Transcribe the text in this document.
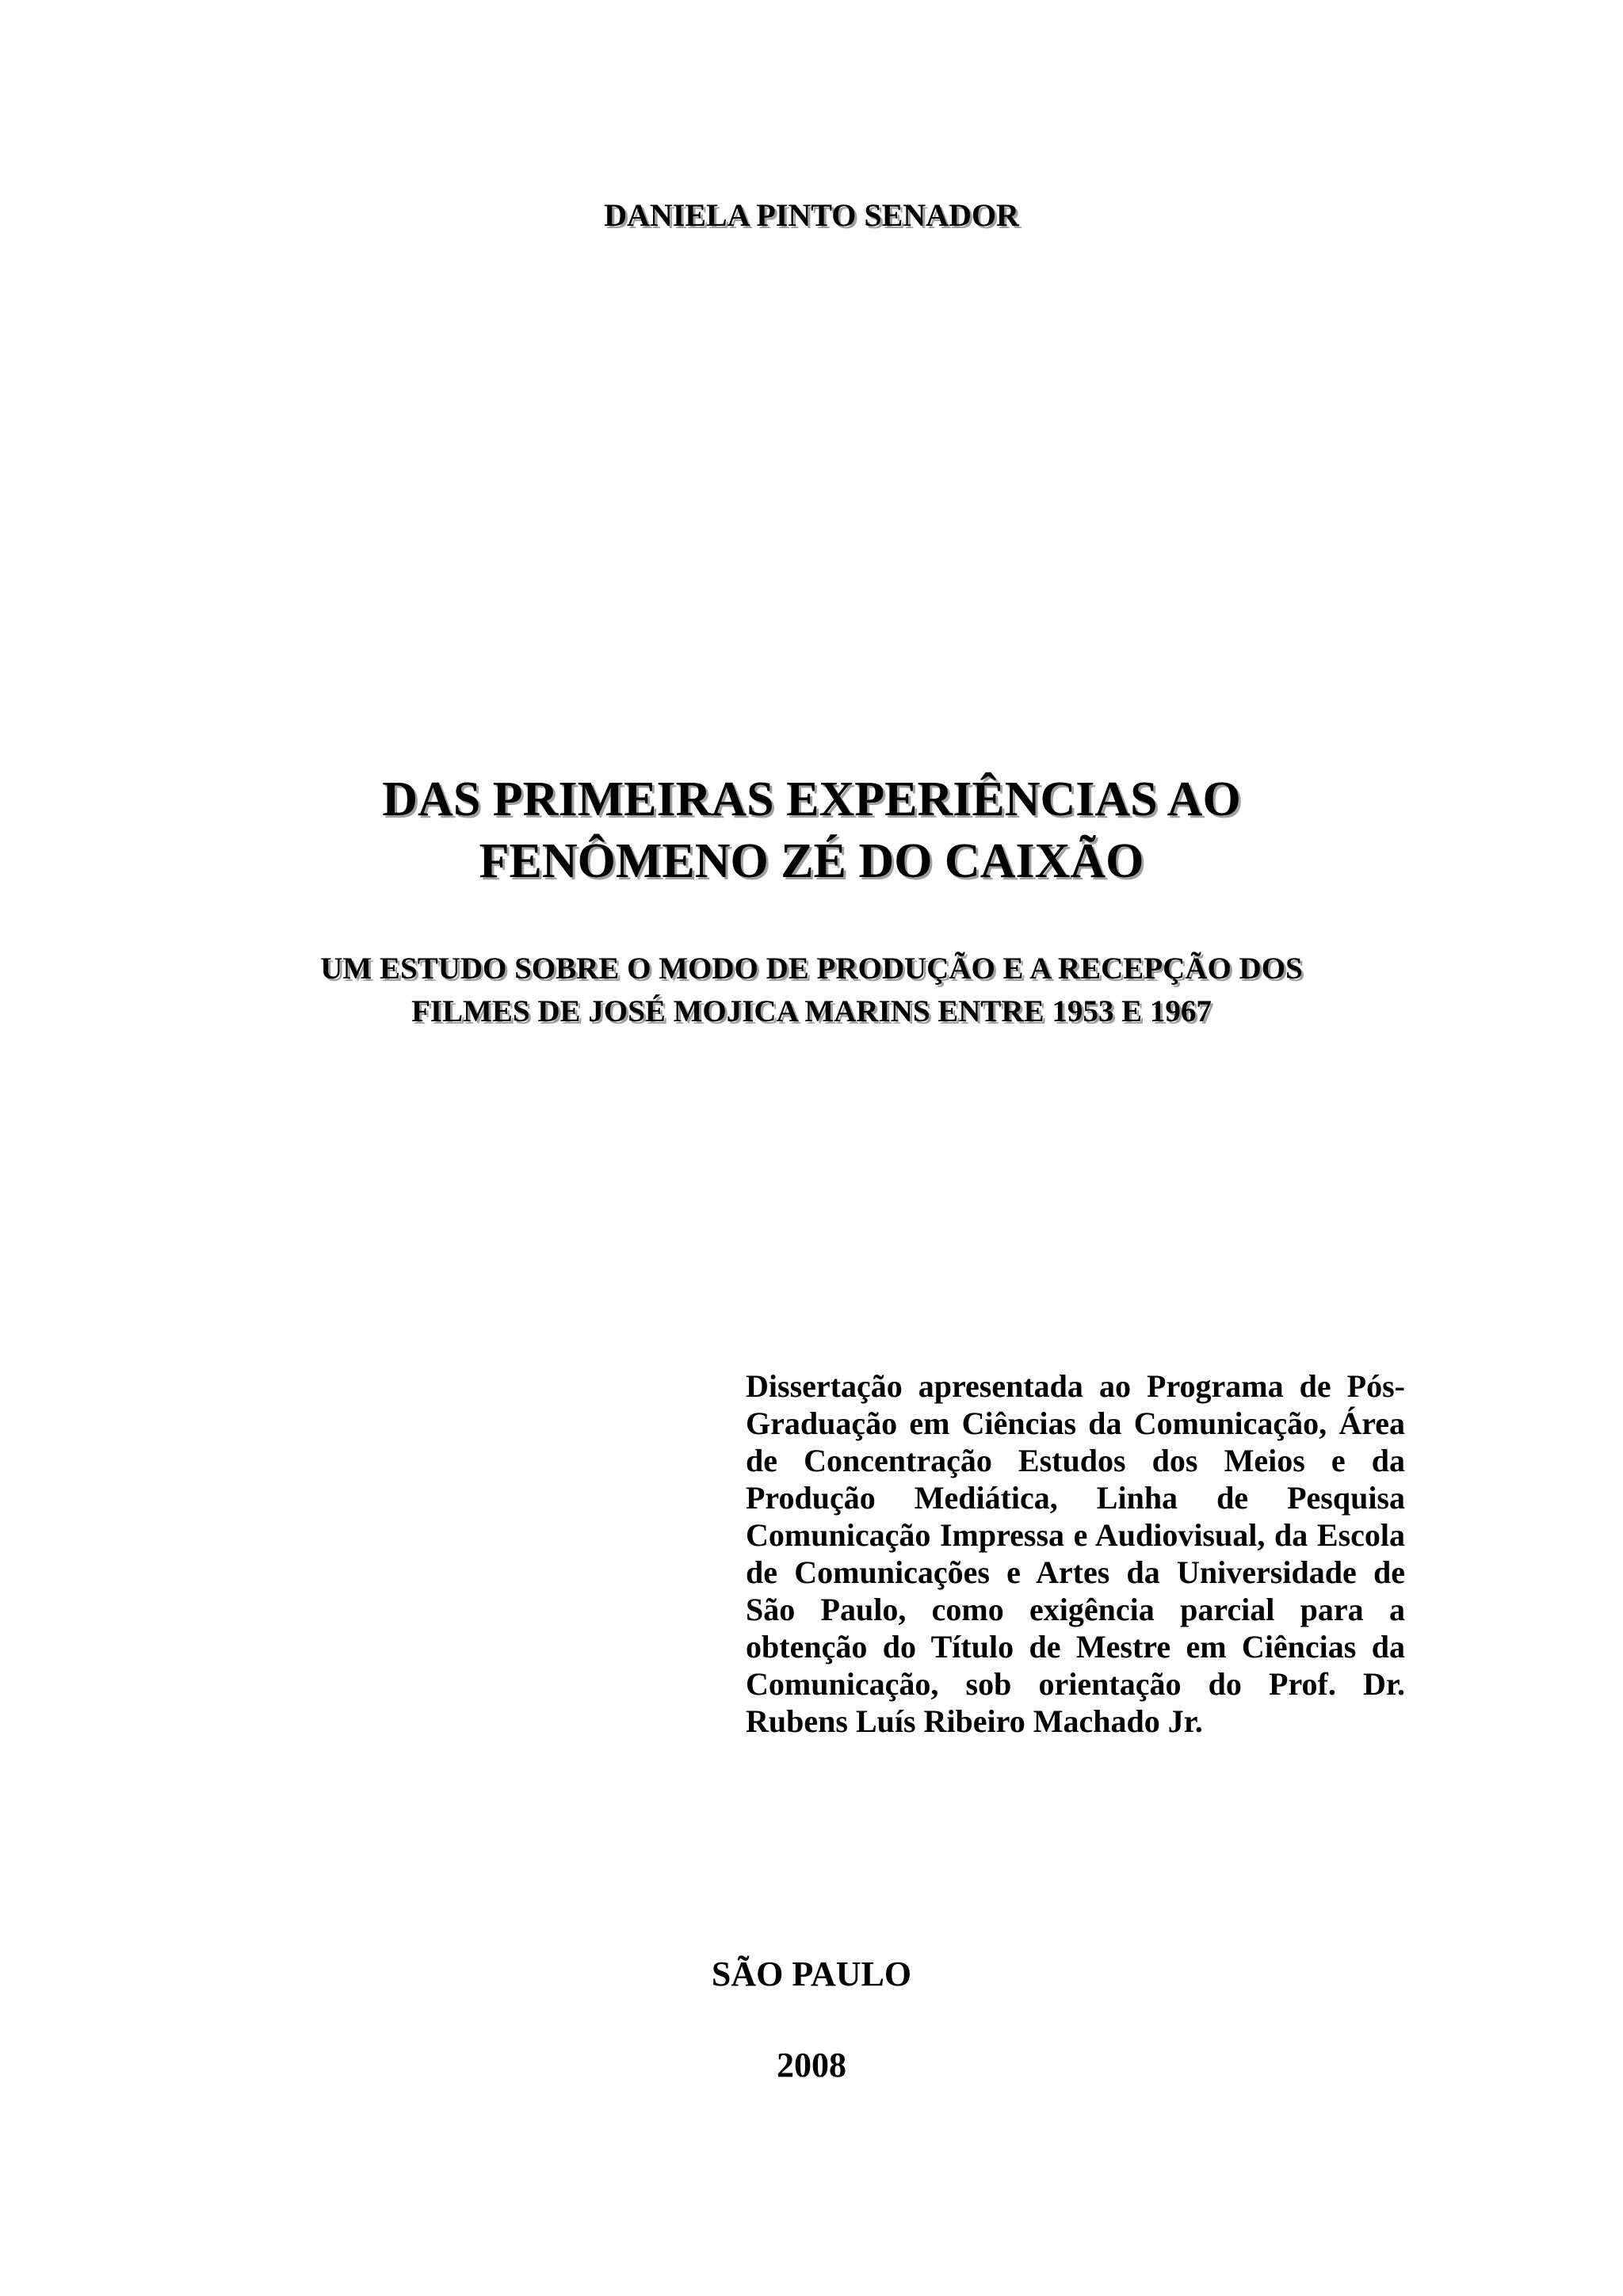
DANIELA PINTO SENADOR
DAS PRIMEIRAS EXPERIÊNCIAS AO
FENÔMENO ZÉ DO CAIXÃO
UM ESTUDO SOBRE O MODO DE PRODUÇÃO E A RECEPÇÃO DOS
FILMES DE JOSÉ MOJICA MARINS ENTRE 1953 E 1967
Dissertação apresentada ao Programa de Pós-Graduação em Ciências da Comunicação, Área de Concentração Estudos dos Meios e da Produção Mediática, Linha de Pesquisa Comunicação Impressa e Audiovisual, da Escola de Comunicações e Artes da Universidade de São Paulo, como exigência parcial para a obtenção do Título de Mestre em Ciências da Comunicação, sob orientação do Prof. Dr. Rubens Luís Ribeiro Machado Jr.
SÃO PAULO
2008
